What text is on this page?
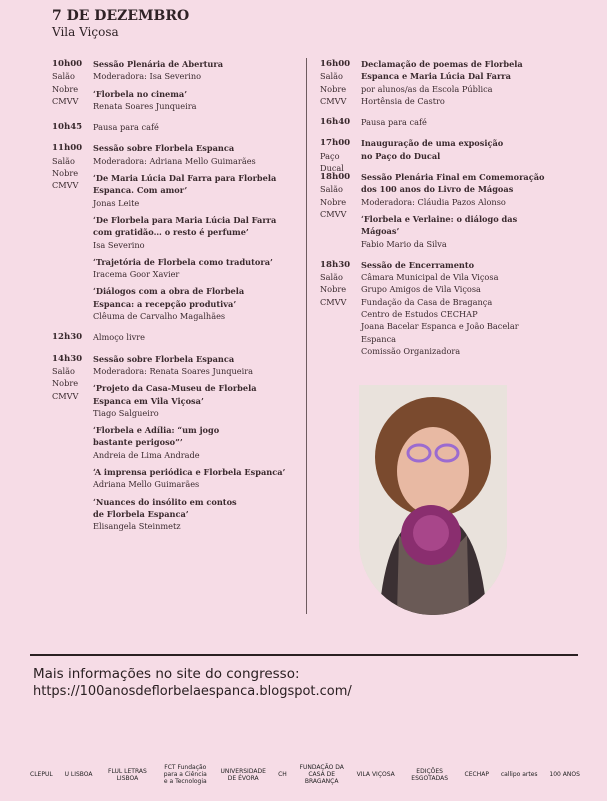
7 DE DEZEMBRO
Vila Viçosa
10h00
Salão
Nobre
CMVV
Sessão Plenária de Abertura
Moderadora: Isa Severino
‘Florbela no cinema’
Renata Soares Junqueira
10h45 Pausa para café
11h00
Salão
Nobre
CMVV
Sessão sobre Florbela Espanca
Moderadora: Adriana Mello Guimarães
‘De Maria Lúcia Dal Farra para Florbela
Espanca. Com amor’
Jonas Leite
‘De Florbela para Maria Lúcia Dal Farra
com gratidão… o resto é perfume’
Isa Severino
‘Trajetória de Florbela como tradutora’
Iracema Goor Xavier
‘Diálogos com a obra de Florbela
Espanca: a recepção produtiva’
Clêuma de Carvalho Magalhães
12h30 Almoço livre
14h30
Salão
Nobre
CMVV
Sessão sobre Florbela Espanca
Moderadora: Renata Soares Junqueira
‘Projeto da Casa-Museu de Florbela
Espanca em Vila Viçosa’
Tiago Salgueiro
‘Florbela e Adília: “um jogo
bastante perigoso”’
Andreia de Lima Andrade
‘A imprensa periódica e Florbela Espanca’
Adriana Mello Guimarães
‘Nuances do insólito em contos
de Florbela Espanca’
Elisangela Steinmetz
16h00
Salão
Nobre
CMVV
Declamação de poemas de Florbela
Espanca e Maria Lúcia Dal Farra
por alunos/as da Escola Pública
Hortênsia de Castro
16h40 Pausa para café
17h00
Paço
Ducal
Inauguração de uma exposição
no Paço do Ducal
18h00
Salão
Nobre
CMVV
Sessão Plenária Final em Comemoração
dos 100 anos do Livro de Mágoas
Moderadora: Cláudia Pazos Alonso
‘Florbela e Verlaine: o diálogo das Mágoas’
Fabio Mario da Silva
18h30
Salão
Nobre
CMVV
Sessão de Encerramento
Câmara Municipal de Vila Viçosa
Grupo Amigos de Vila Viçosa
Fundação da Casa de Bragança
Centro de Estudos CECHAP
Joana Bacelar Espanca e João Bacelar Espanca
Comissão Organizadora
Mais informações no site do congresso:
https://100anosdeflorbelaespanca.blogspot.com/
CLEPUL U LISBOA	FLUL LETRAS LISBOA
FCT Fundação para a Ciência e a Tecnologia
UNIVERSIDADE DE ÉVORA	CH
FUNDAÇÃO DA CASA DE BRAGANÇA
VILA VIÇOSA	EDIÇÕES ESGOTADAS	CECHAP callipo artes 100 ANOS
